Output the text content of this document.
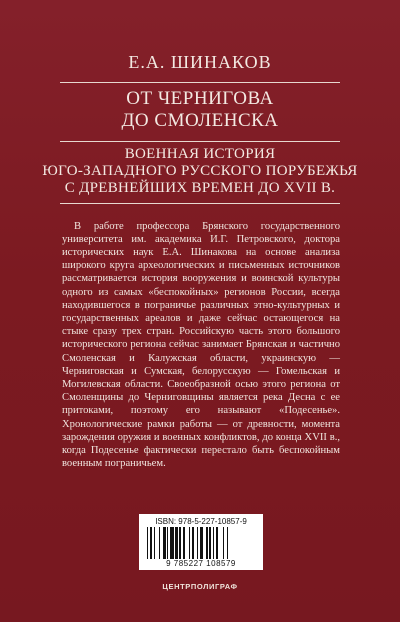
Е.А. ШИНАКОВ
ОТ ЧЕРНИГОВА
ДО СМОЛЕНСКА
ВОЕННАЯ ИСТОРИЯ
ЮГО-ЗАПАДНОГО РУССКОГО ПОРУБЕЖЬЯ
С ДРЕВНЕЙШИХ ВРЕМЕН ДО XVII В.

В работе профессора Брянского государственного университета им. академика И.Г. Петровского, доктора исторических наук Е.А. Шинакова на основе анализа широкого круга археологических и письменных источников рассматривается история вооружения и воинской культуры одного из самых «беспокойных» регионов России, всегда находившегося в пограничье различных этно-культурных и государственных ареалов и даже сейчас остающегося на стыке сразу трех стран. Российскую часть этого большого исторического региона сейчас занимает Брянская и частично Смоленская и Калужская области, украинскую — Черниговская и Сумская, белорусскую — Гомельская и Могилевская области. Своеобразной осью этого региона от Смоленщины до Черниговщины является река Десна с ее притоками, поэтому его называют «Подесенье». Хронологические рамки работы — от древности, момента зарождения оружия и военных конфликтов, до конца XVII в., когда Подесенье фактически перестало быть беспокойным военным пограничьем.

ISBN: 978-5-227-10857-9
9 785227 108579
ЦЕНТРПОЛИГРАФ
